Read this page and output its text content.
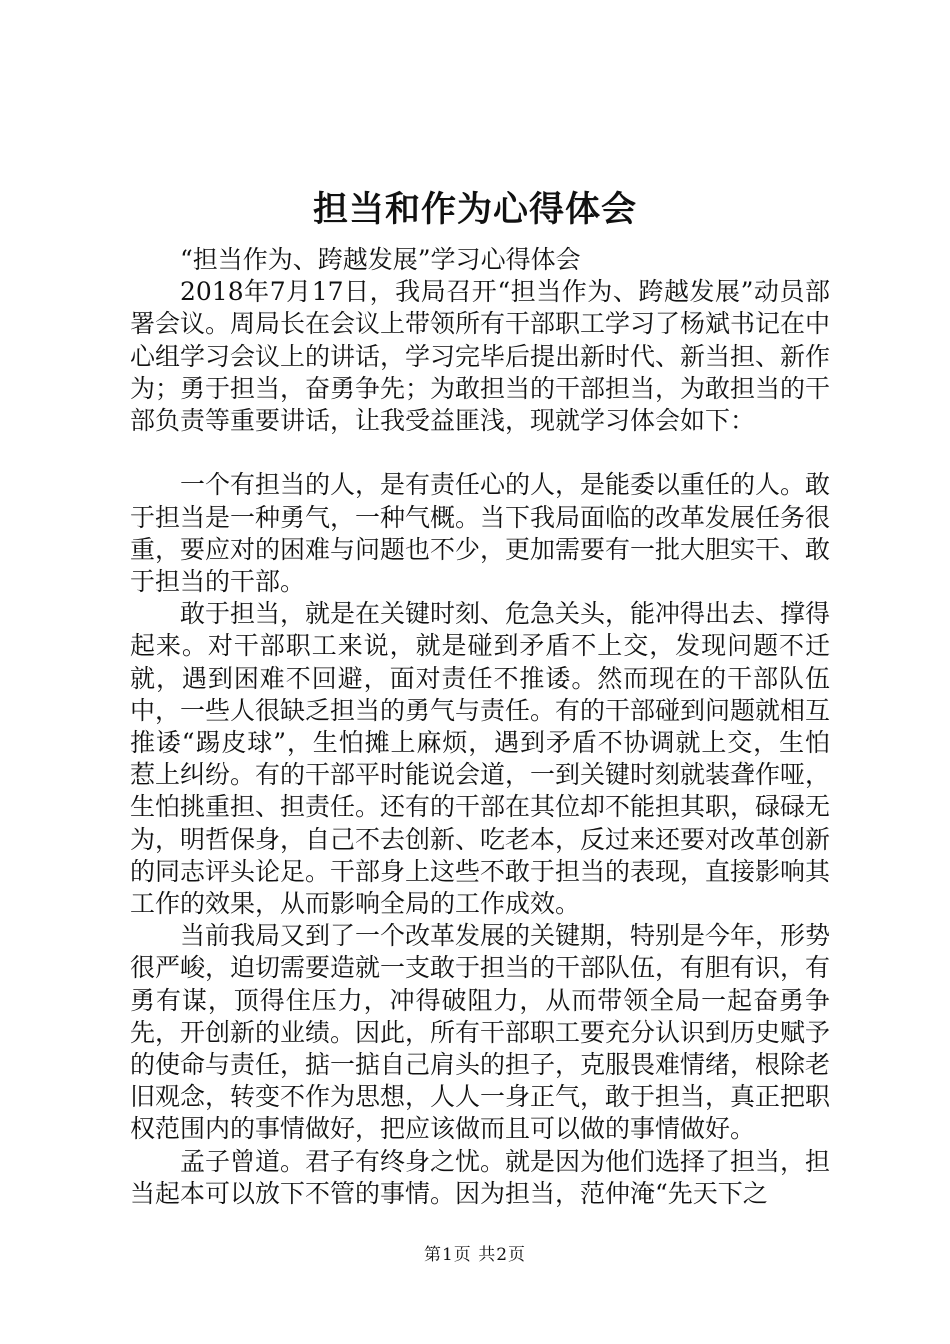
担当和作为心得体会

“担当作为、跨越发展”学习心得体会

2018年7月17日，我局召开“担当作为、跨越发展”动员部署会议。周局长在会议上带领所有干部职工学习了杨斌书记在中心组学习会议上的讲话，学习完毕后提出新时代、新当担、新作为；勇于担当，奋勇争先；为敢担当的干部担当，为敢担当的干部负责等重要讲话，让我受益匪浅，现就学习体会如下：

一个有担当的人，是有责任心的人，是能委以重任的人。敢于担当是一种勇气，一种气概。当下我局面临的改革发展任务很重，要应对的困难与问题也不少，更加需要有一批大胆实干、敢于担当的干部。

敢于担当，就是在关键时刻、危急关头，能冲得出去、撑得起来。对干部职工来说，就是碰到矛盾不上交，发现问题不迁就，遇到困难不回避，面对责任不推诿。然而现在的干部队伍中，一些人很缺乏担当的勇气与责任。有的干部碰到问题就相互推诿“踢皮球”，生怕摊上麻烦，遇到矛盾不协调就上交，生怕惹上纠纷。有的干部平时能说会道，一到关键时刻就装聋作哑，生怕挑重担、担责任。还有的干部在其位却不能担其职，碌碌无为，明哲保身，自己不去创新、吃老本，反过来还要对改革创新的同志评头论足。干部身上这些不敢于担当的表现，直接影响其工作的效果，从而影响全局的工作成效。

当前我局又到了一个改革发展的关键期，特别是今年，形势很严峻，迫切需要造就一支敢于担当的干部队伍，有胆有识，有勇有谋，顶得住压力，冲得破阻力，从而带领全局一起奋勇争先，开创新的业绩。因此，所有干部职工要充分认识到历史赋予的使命与责任，掂一掂自己肩头的担子，克服畏难情绪，根除老旧观念，转变不作为思想，人人一身正气，敢于担当，真正把职权范围内的事情做好，把应该做而且可以做的事情做好。

孟子曾道。君子有终身之忧。就是因为他们选择了担当，担当起本可以放下不管的事情。因为担当，范仲淹“先天下之

第1页 共2页
